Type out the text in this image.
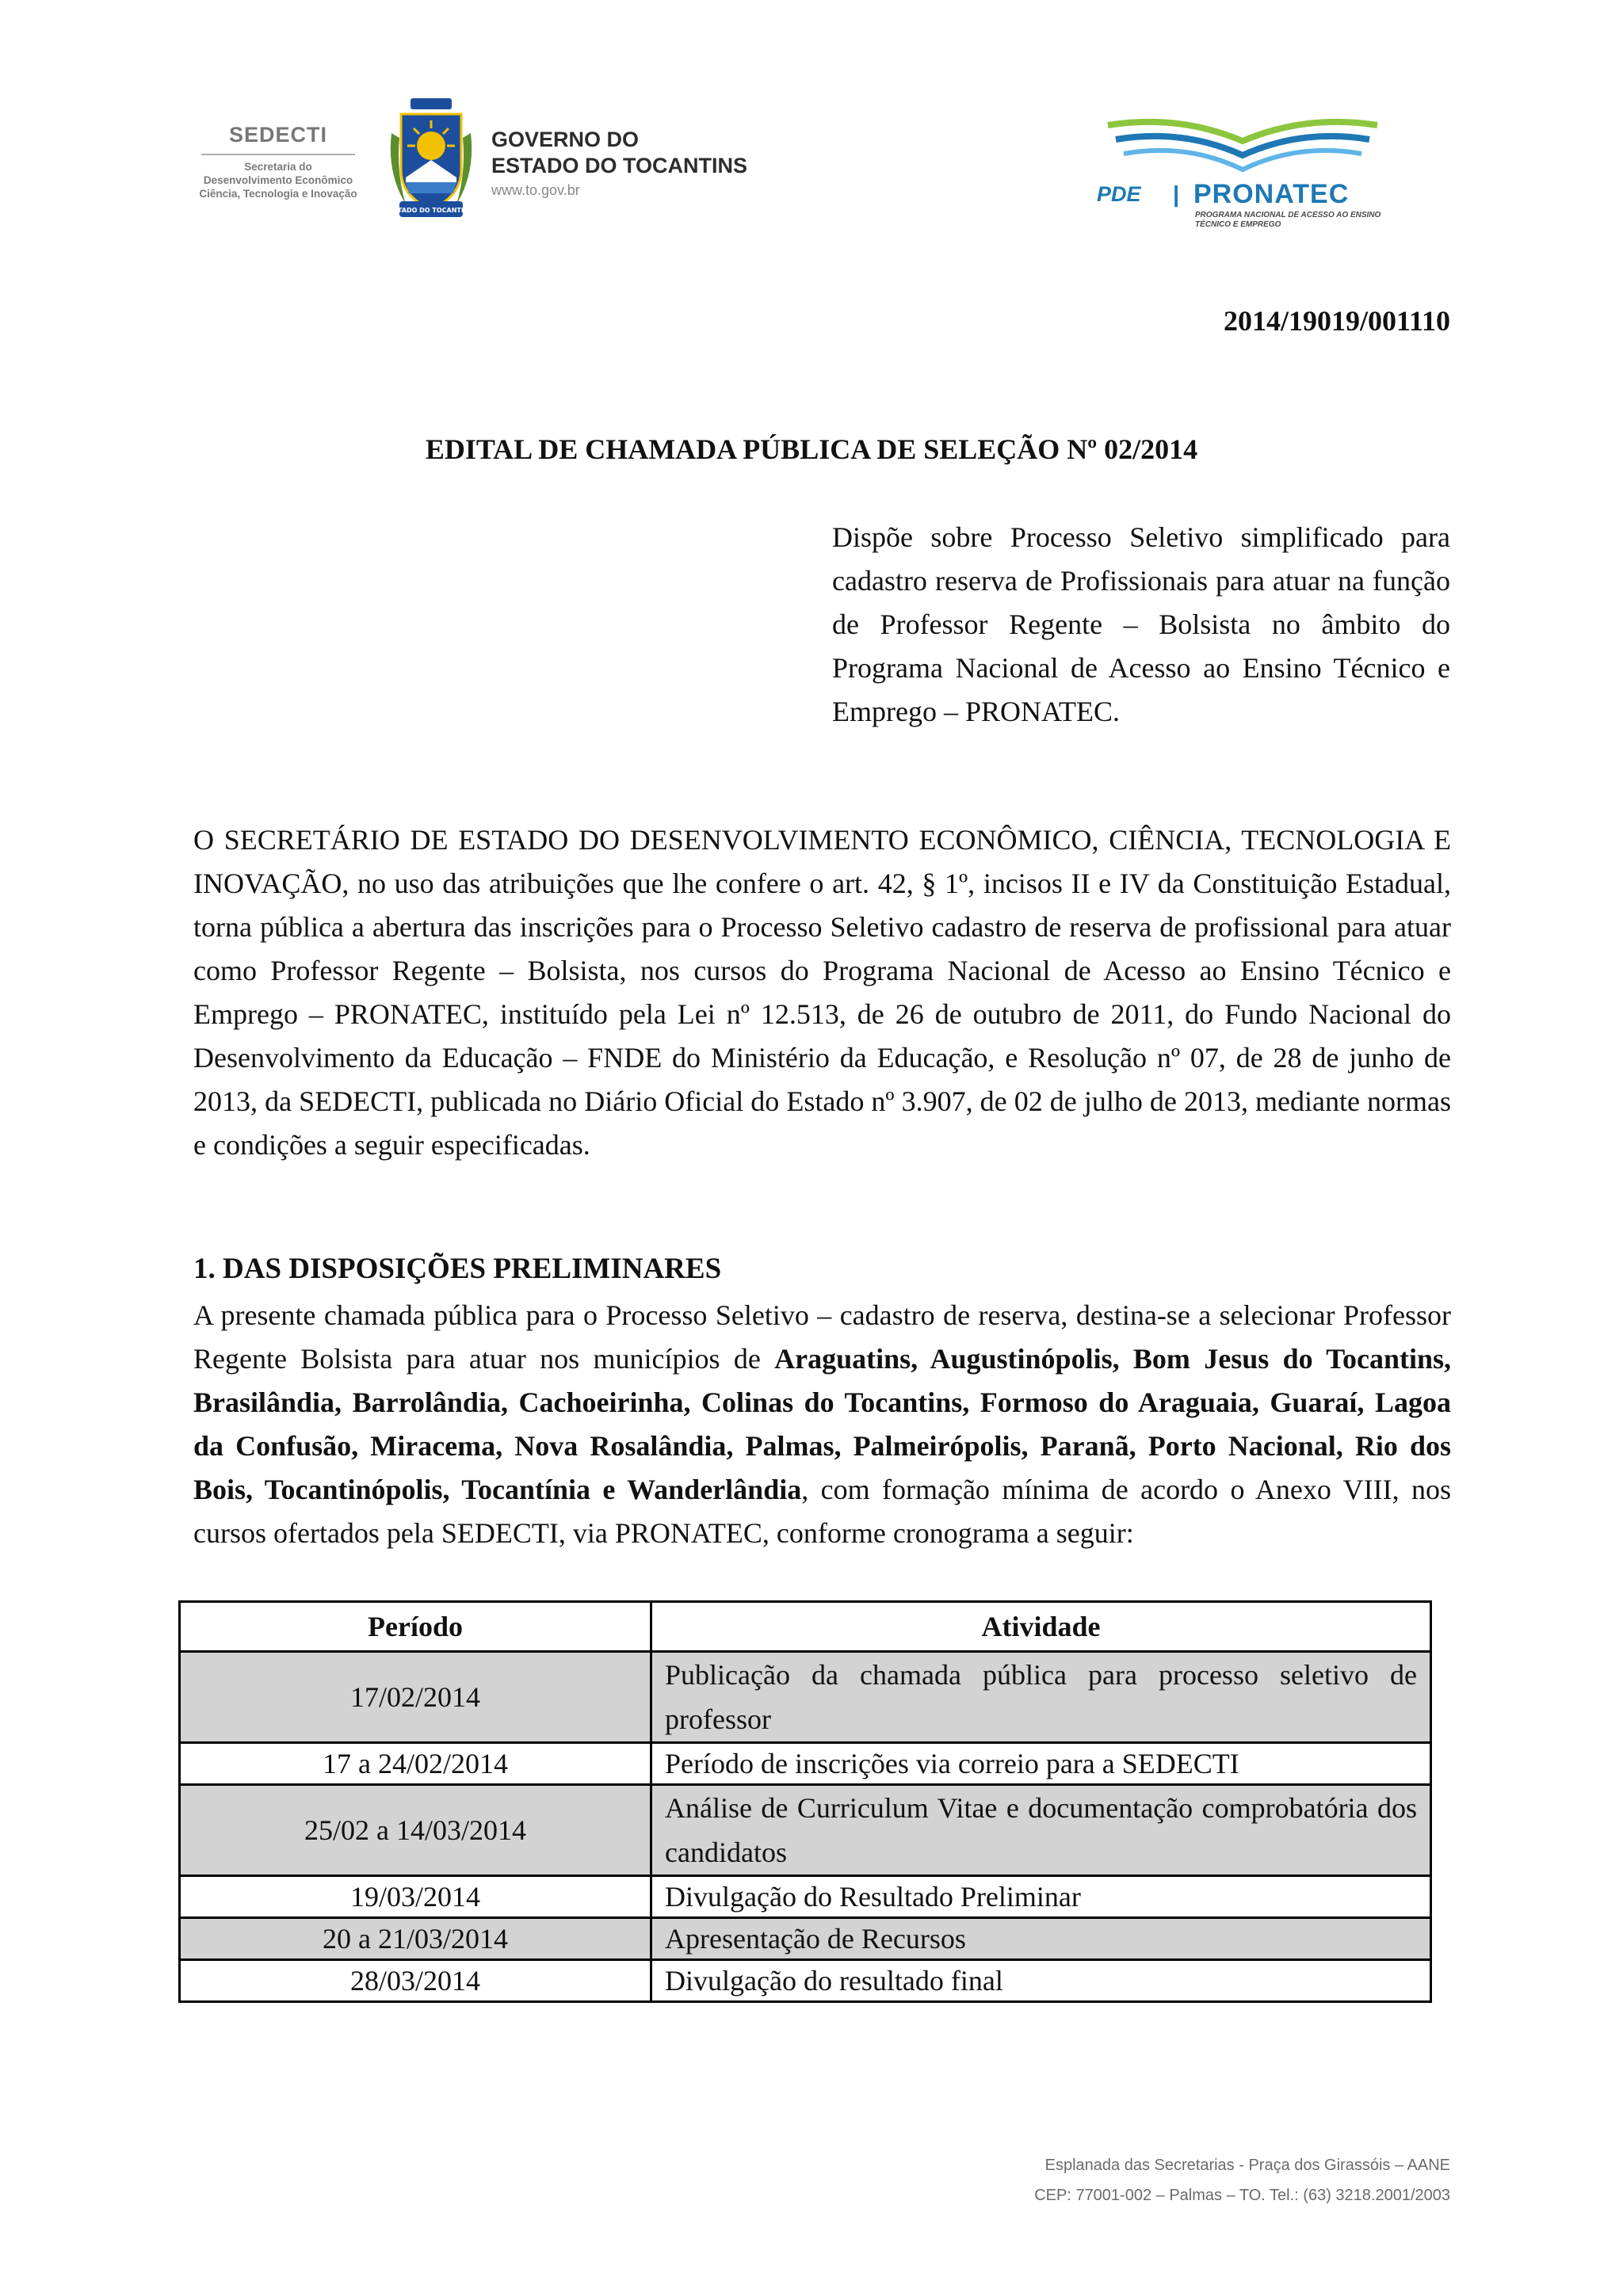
SEDECTI
Secretaria do
Desenvolvimento Econômico
Ciência, Tecnologia e Inovação
ESTADO DO TOCANTINS
GOVERNO DO
ESTADO DO TOCANTINS
www.to.gov.br	PDE | PRONATEC
PROGRAMA NACIONAL DE ACESSO AO ENSINO TÉCNICO E EMPREGO
2014/19019/001110
EDITAL DE CHAMADA PÚBLICA DE SELEÇÃO Nº 02/2014
Dispõe sobre Processo Seletivo simplificado para cadastro reserva de Profissionais para atuar na função de Professor Regente – Bolsista no âmbito do Programa Nacional de Acesso ao Ensino Técnico e Emprego – PRONATEC.
O SECRETÁRIO DE ESTADO DO DESENVOLVIMENTO ECONÔMICO, CIÊNCIA, TECNOLOGIA E INOVAÇÃO, no uso das atribuições que lhe confere o art. 42, § 1º, incisos II e IV da Constituição Estadual, torna pública a abertura das inscrições para o Processo Seletivo cadastro de reserva de profissional para atuar como Professor Regente – Bolsista, nos cursos do Programa Nacional de Acesso ao Ensino Técnico e Emprego – PRONATEC, instituído pela Lei nº 12.513, de 26 de outubro de 2011, do Fundo Nacional do Desenvolvimento da Educação – FNDE do Ministério da Educação, e Resolução nº 07, de 28 de junho de 2013, da SEDECTI, publicada no Diário Oficial do Estado nº 3.907, de 02 de julho de 2013, mediante normas e condições a seguir especificadas.
1. DAS DISPOSIÇÕES PRELIMINARES
A presente chamada pública para o Processo Seletivo – cadastro de reserva, destina-se a selecionar Professor Regente Bolsista para atuar nos municípios de Araguatins, Augustinópolis, Bom Jesus do Tocantins, Brasilândia, Barrolândia, Cachoeirinha, Colinas do Tocantins, Formoso do Araguaia, Guaraí, Lagoa da Confusão, Miracema, Nova Rosalândia, Palmas, Palmeirópolis, Paranã, Porto Nacional, Rio dos Bois, Tocantinópolis, Tocantínia e Wanderlândia, com formação mínima de acordo o Anexo VIII, nos cursos ofertados pela SEDECTI, via PRONATEC, conforme cronograma a seguir:
Período	Atividade
17/02/2014	Publicação da chamada pública para processo seletivo de professor
17 a 24/02/2014	Período de inscrições via correio para a SEDECTI
25/02 a 14/03/2014	Análise de Curriculum Vitae e documentação comprobatória dos candidatos
19/03/2014	Divulgação do Resultado Preliminar
20 a 21/03/2014	Apresentação de Recursos
28/03/2014	Divulgação do resultado final
Esplanada das Secretarias - Praça dos Girassóis – AANE
CEP: 77001-002 – Palmas – TO. Tel.: (63) 3218.2001/2003
